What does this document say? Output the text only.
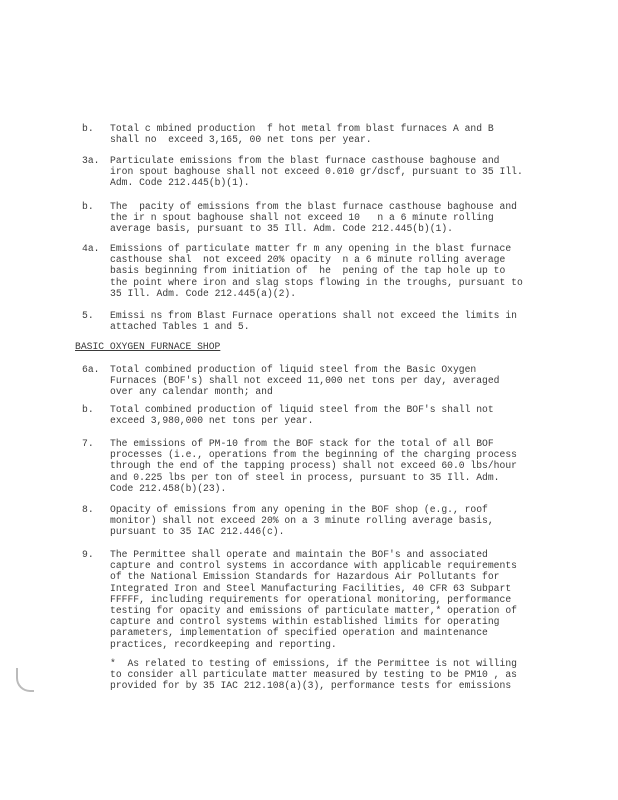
BASIC OXYGEN FURNACE SHOP
b. Total c mbined production  f hot metal from blast furnaces A and B
shall no  exceed 3,165, 00 net tons per year.
3a. Particulate emissions from the blast furnace casthouse baghouse and
iron spout baghouse shall not exceed 0.010 gr/dscf, pursuant to 35 Ill.
Adm. Code 212.445(b)(1).
b. The  pacity of emissions from the blast furnace casthouse baghouse and
the ir n spout baghouse shall not exceed 10   n a 6 minute rolling
average basis, pursuant to 35 Ill. Adm. Code 212.445(b)(1).
4a. Emissions of particulate matter fr m any opening in the blast furnace
casthouse shal  not exceed 20% opacity  n a 6 minute rolling average
basis beginning from initiation of  he  pening of the tap hole up to
the point where iron and slag stops flowing in the troughs, pursuant to
35 Ill. Adm. Code 212.445(a)(2).
5. Emissi ns from Blast Furnace operations shall not exceed the limits in
attached Tables 1 and 5.
6a. Total combined production of liquid steel from the Basic Oxygen
Furnaces (BOF's) shall not exceed 11,000 net tons per day, averaged
over any calendar month; and
b. Total combined production of liquid steel from the BOF's shall not
exceed 3,980,000 net tons per year.
7. The emissions of PM-10 from the BOF stack for the total of all BOF
processes (i.e., operations from the beginning of the charging process
through the end of the tapping process) shall not exceed 60.0 lbs/hour
and 0.225 lbs per ton of steel in process, pursuant to 35 Ill. Adm.
Code 212.458(b)(23).
8. Opacity of emissions from any opening in the BOF shop (e.g., roof
monitor) shall not exceed 20% on a 3 minute rolling average basis,
pursuant to 35 IAC 212.446(c).
9. The Permittee shall operate and maintain the BOF's and associated
capture and control systems in accordance with applicable requirements
of the National Emission Standards for Hazardous Air Pollutants for
Integrated Iron and Steel Manufacturing Facilities, 40 CFR 63 Subpart
FFFFF, including requirements for operational monitoring, performance
testing for opacity and emissions of particulate matter,* operation of
capture and control systems within established limits for operating
parameters, implementation of specified operation and maintenance
practices, recordkeeping and reporting.
*  As related to testing of emissions, if the Permittee is not willing
to consider all particulate matter measured by testing to be PM10 , as
provided for by 35 IAC 212.108(a)(3), performance tests for emissions
